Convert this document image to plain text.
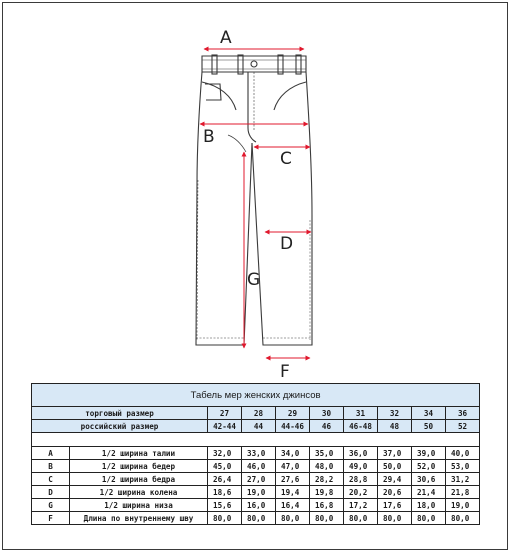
A
B
C
D
G
F
Табель мер женских джинсов									
торговый размер		27	28	29	30	31	32	34	36
российский размер		42-44	44	44-46	46	46-48	48	50	52

A	1/2 ширина талии	32,0	33,0	34,0	35,0	36,0	37,0	39,0	40,0
B	1/2 ширина бедер	45,0	46,0	47,0	48,0	49,0	50,0	52,0	53,0
C	1/2 ширина бедра	26,4	27,0	27,6	28,2	28,8	29,4	30,6	31,2
D	1/2 ширина колена	18,6	19,0	19,4	19,8	20,2	20,6	21,4	21,8
G	1/2 ширина низа	15,6	16,0	16,4	16,8	17,2	17,6	18,0	19,0
F	Длина по внутреннему шву	80,0	80,0	80,0	80,0	80,0	80,0	80,0	80,0
